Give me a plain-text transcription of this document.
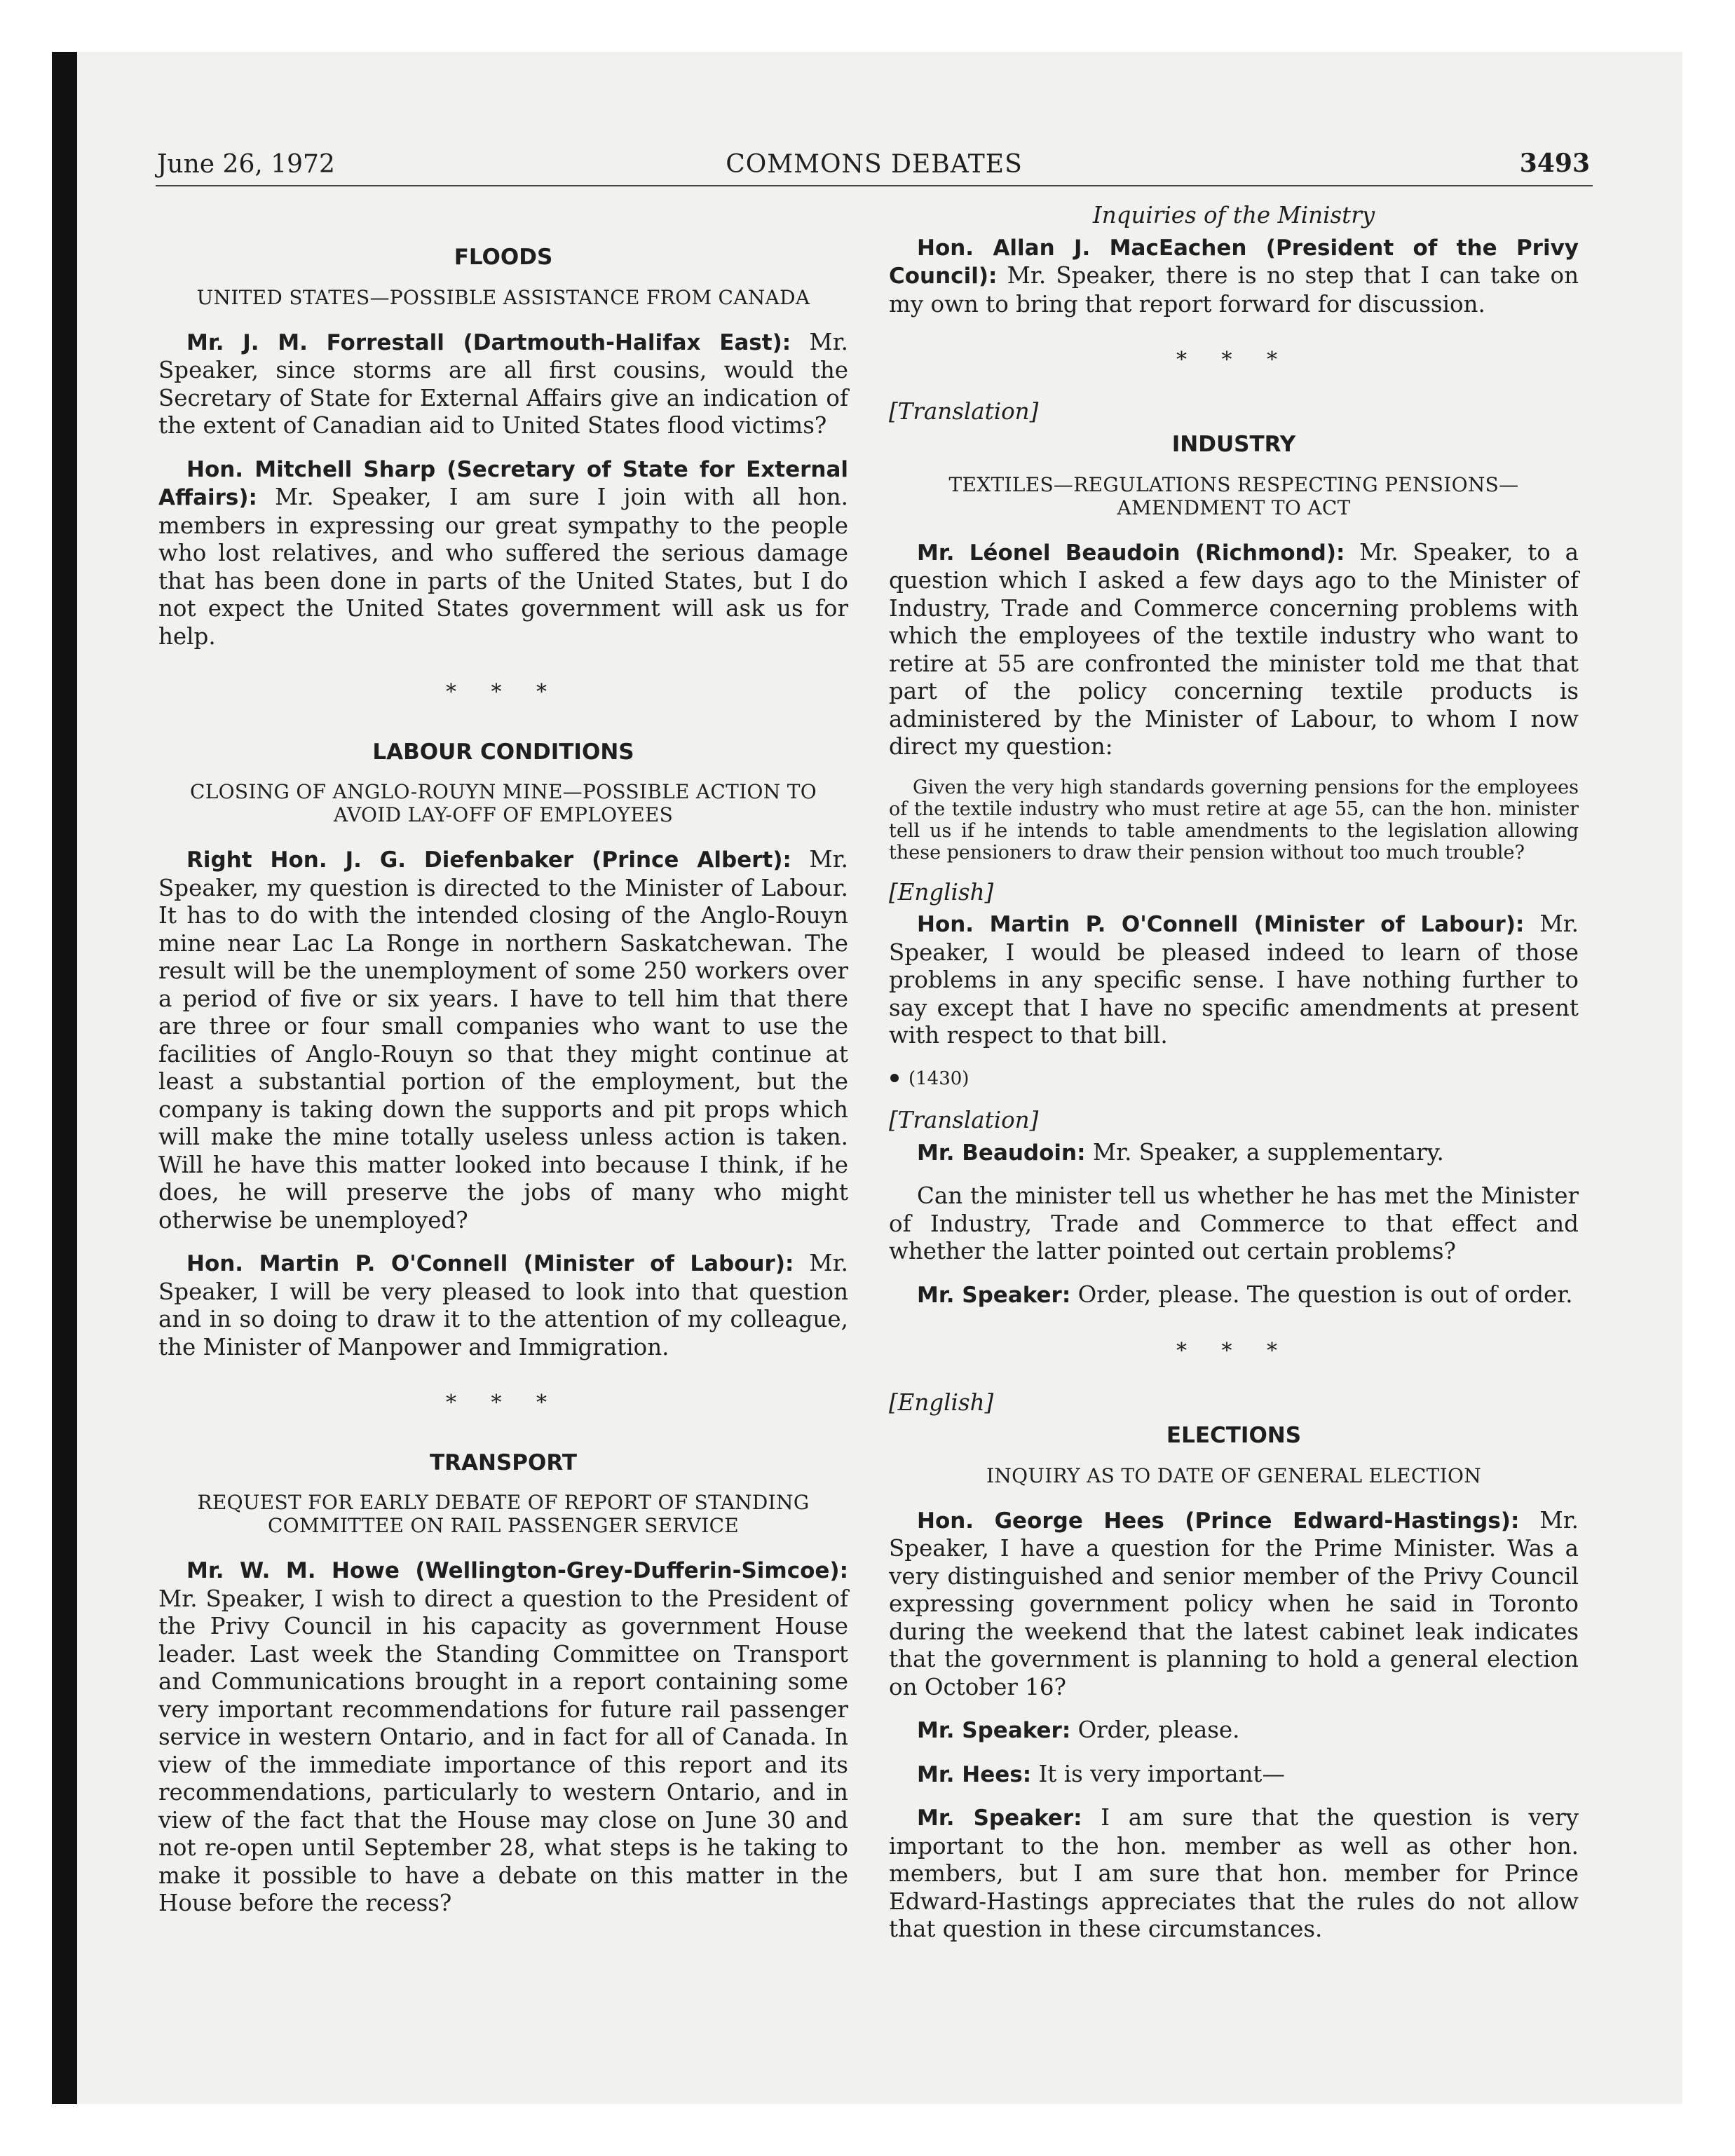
June 26, 1972	COMMONS DEBATES	3493
FLOODS
UNITED STATES—POSSIBLE ASSISTANCE FROM CANADA

Mr. J. M. Forrestall (Dartmouth-Halifax East): Mr. Speaker, since storms are all first cousins, would the Secretary of State for External Affairs give an indication of the extent of Canadian aid to United States flood victims?

Hon. Mitchell Sharp (Secretary of State for External Affairs): Mr. Speaker, I am sure I join with all hon. members in expressing our great sympathy to the people who lost relatives, and who suffered the serious damage that has been done in parts of the United States, but I do not expect the United States government will ask us for help.

* * *
LABOUR CONDITIONS
CLOSING OF ANGLO-ROUYN MINE—POSSIBLE ACTION TO AVOID LAY-OFF OF EMPLOYEES

Right Hon. J. G. Diefenbaker (Prince Albert): Mr. Speaker, my question is directed to the Minister of Labour. It has to do with the intended closing of the Anglo-Rouyn mine near Lac La Ronge in northern Saskatchewan. The result will be the unemployment of some 250 workers over a period of five or six years. I have to tell him that there are three or four small companies who want to use the facilities of Anglo-Rouyn so that they might continue at least a substantial portion of the employment, but the company is taking down the supports and pit props which will make the mine totally useless unless action is taken. Will he have this matter looked into because I think, if he does, he will preserve the jobs of many who might otherwise be unemployed?

Hon. Martin P. O'Connell (Minister of Labour): Mr. Speaker, I will be very pleased to look into that question and in so doing to draw it to the attention of my colleague, the Minister of Manpower and Immigration.

* * *
TRANSPORT
REQUEST FOR EARLY DEBATE OF REPORT OF STANDING COMMITTEE ON RAIL PASSENGER SERVICE

Mr. W. M. Howe (Wellington-Grey-Dufferin-Simcoe): Mr. Speaker, I wish to direct a question to the President of the Privy Council in his capacity as government House leader. Last week the Standing Committee on Transport and Communications brought in a report containing some very important recommendations for future rail passenger service in western Ontario, and in fact for all of Canada. In view of the immediate importance of this report and its recommendations, particularly to western Ontario, and in view of the fact that the House may close on June 30 and not re-open until September 28, what steps is he taking to make it possible to have a debate on this matter in the House before the recess?

Inquiries of the Ministry

Hon. Allan J. MacEachen (President of the Privy Council): Mr. Speaker, there is no step that I can take on my own to bring that report forward for discussion.

* * *

[Translation]

INDUSTRY
TEXTILES—REGULATIONS RESPECTING PENSIONS—AMENDMENT TO ACT

Mr. Léonel Beaudoin (Richmond): Mr. Speaker, to a question which I asked a few days ago to the Minister of Industry, Trade and Commerce concerning problems with which the employees of the textile industry who want to retire at 55 are confronted the minister told me that that part of the policy concerning textile products is administered by the Minister of Labour, to whom I now direct my question:

Given the very high standards governing pensions for the employees of the textile industry who must retire at age 55, can the hon. minister tell us if he intends to table amendments to the legislation allowing these pensioners to draw their pension without too much trouble?

[English]

Hon. Martin P. O'Connell (Minister of Labour): Mr. Speaker, I would be pleased indeed to learn of those problems in any specific sense. I have nothing further to say except that I have no specific amendments at present with respect to that bill.

(1430)

[Translation]

Mr. Beaudoin: Mr. Speaker, a supplementary.

Can the minister tell us whether he has met the Minister of Industry, Trade and Commerce to that effect and whether the latter pointed out certain problems?

Mr. Speaker: Order, please. The question is out of order.

* * *

[English]

ELECTIONS
INQUIRY AS TO DATE OF GENERAL ELECTION

Hon. George Hees (Prince Edward-Hastings): Mr. Speaker, I have a question for the Prime Minister. Was a very distinguished and senior member of the Privy Council expressing government policy when he said in Toronto during the weekend that the latest cabinet leak indicates that the government is planning to hold a general election on October 16?

Mr. Speaker: Order, please.

Mr. Hees: It is very important—

Mr. Speaker: I am sure that the question is very important to the hon. member as well as other hon. members, but I am sure that hon. member for Prince Edward-Hastings appreciates that the rules do not allow that question in these circumstances.
